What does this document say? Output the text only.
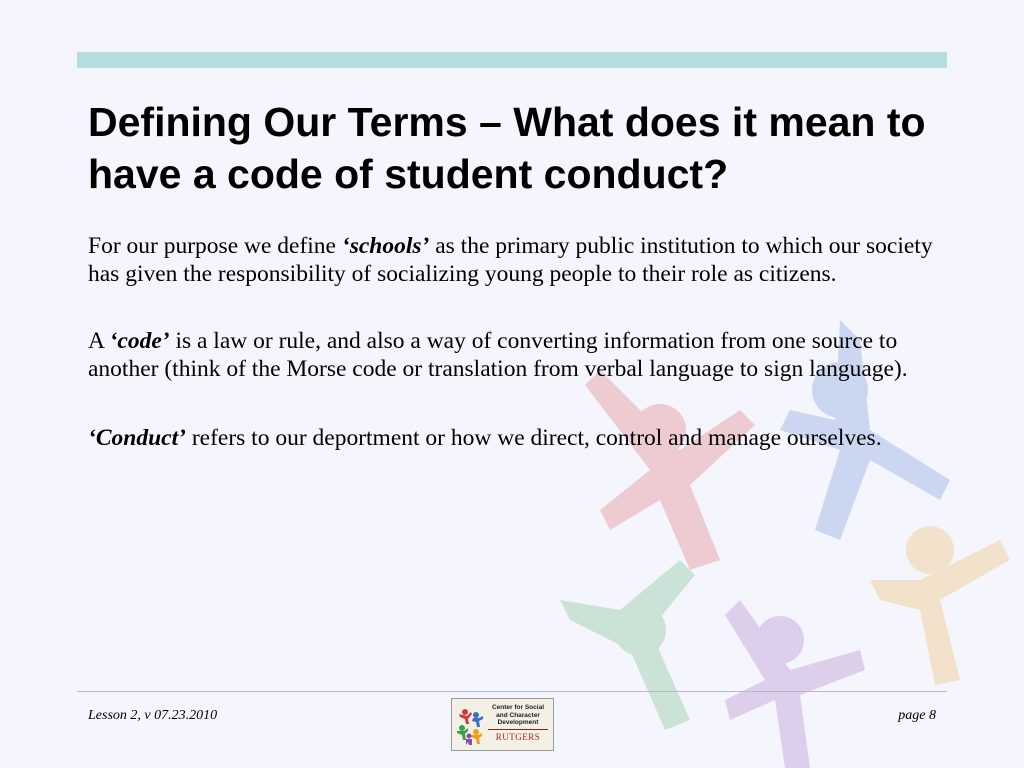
Defining Our Terms – What does it mean to have a code of student conduct?

For our purpose we define ‘schools’ as the primary public institution to which our society has given the responsibility of socializing young people to their role as citizens.

A ‘code’ is a law or rule, and also a way of converting information from one source to another (think of the Morse code or translation from verbal language to sign language).

‘Conduct’ refers to our deportment or how we direct, control and manage ourselves.

Lesson 2, v 07.23.2010
Center for Social
and Character
Development
RUTGERS
page 8
